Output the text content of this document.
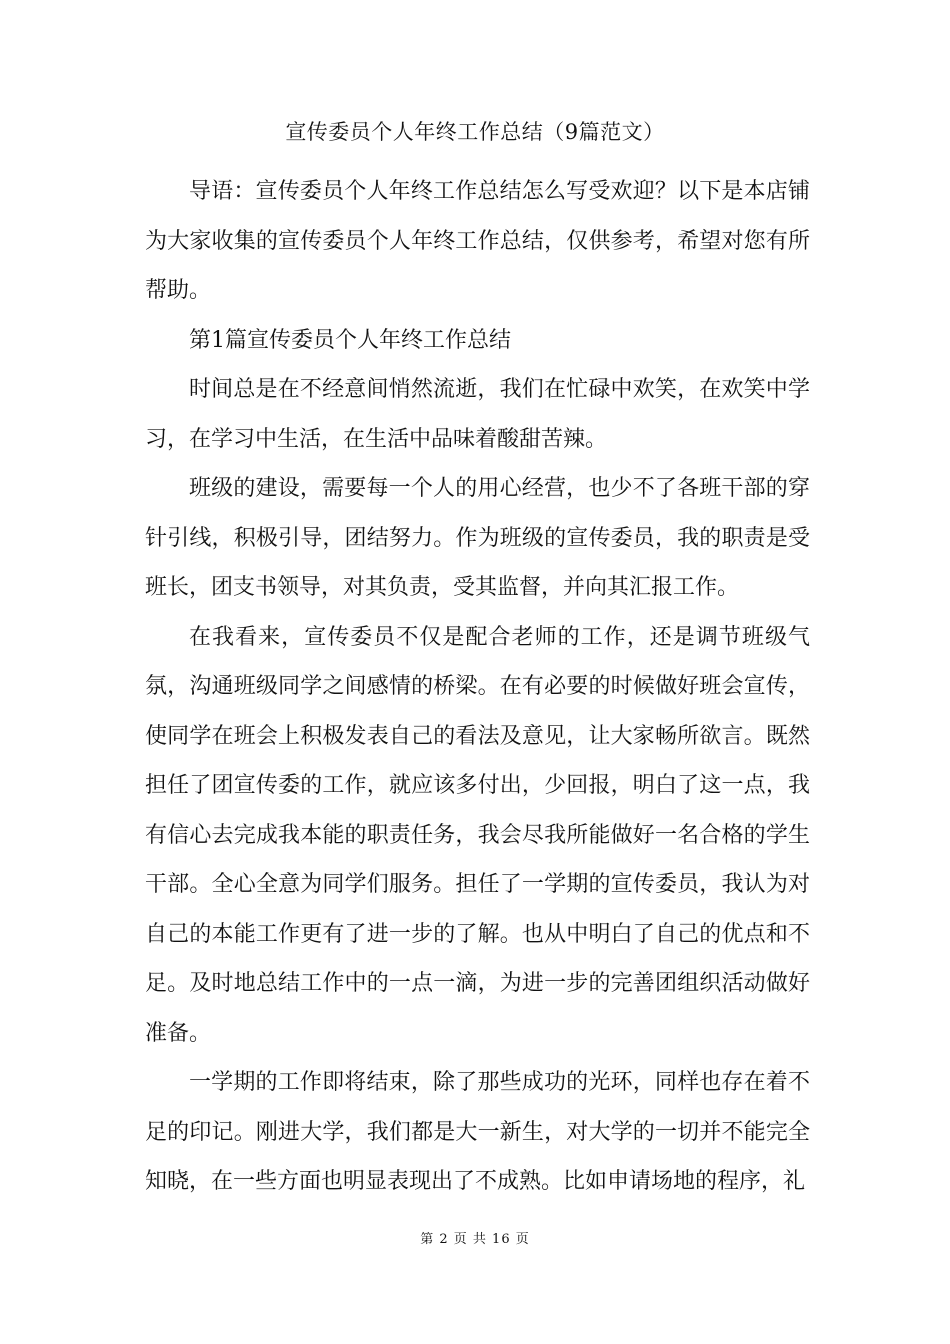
宣传委员个人年终工作总结（9篇范文）

导语：宣传委员个人年终工作总结怎么写受欢迎？以下是本店铺为大家收集的宣传委员个人年终工作总结，仅供参考，希望对您有所帮助。

第1篇宣传委员个人年终工作总结

时间总是在不经意间悄然流逝，我们在忙碌中欢笑，在欢笑中学习，在学习中生活，在生活中品味着酸甜苦辣。

班级的建设，需要每一个人的用心经营，也少不了各班干部的穿针引线，积极引导，团结努力。作为班级的宣传委员，我的职责是受班长，团支书领导，对其负责，受其监督，并向其汇报工作。

在我看来，宣传委员不仅是配合老师的工作，还是调节班级气氛，沟通班级同学之间感情的桥梁。在有必要的时候做好班会宣传，使同学在班会上积极发表自己的看法及意见，让大家畅所欲言。既然担任了团宣传委的工作，就应该多付出，少回报，明白了这一点，我有信心去完成我本能的职责任务，我会尽我所能做好一名合格的学生干部。全心全意为同学们服务。担任了一学期的宣传委员，我认为对自己的本能工作更有了进一步的了解。也从中明白了自己的优点和不足。及时地总结工作中的一点一滴，为进一步的完善团组织活动做好准备。

一学期的工作即将结束，除了那些成功的光环，同样也存在着不足的印记。刚进大学，我们都是大一新生，对大学的一切并不能完全知晓，在一些方面也明显表现出了不成熟。比如申请场地的程序，礼

第 2 页 共 16 页
